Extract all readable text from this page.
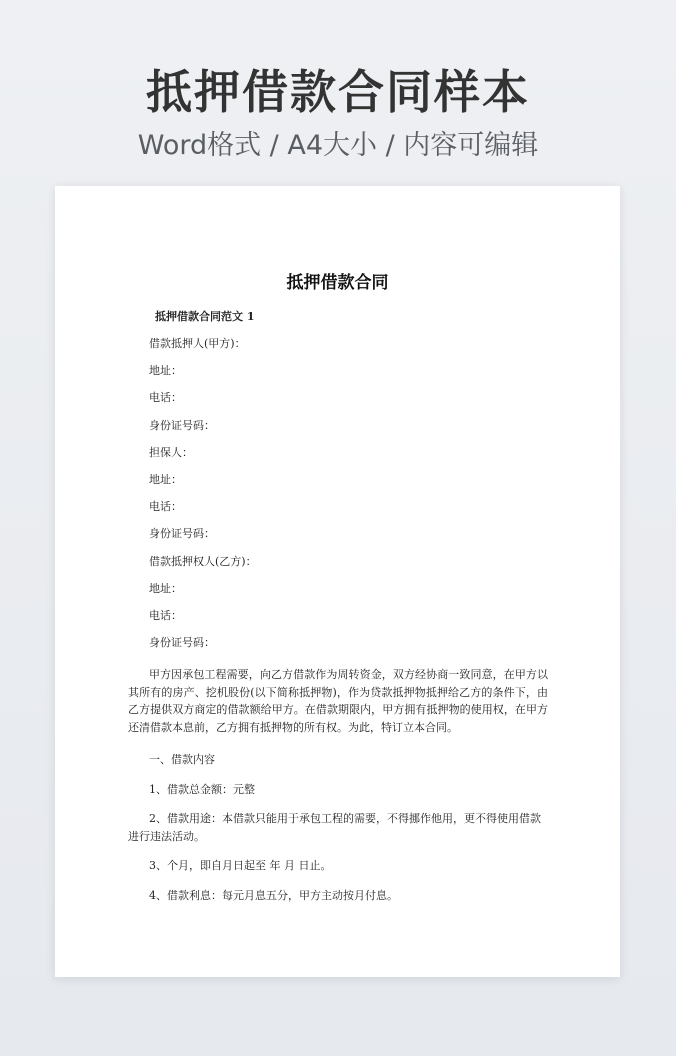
抵押借款合同样本
Word格式 / A4大小 / 内容可编辑
抵押借款合同
抵押借款合同范文 1
借款抵押人(甲方)：
地址：
电话：
身份证号码：
担保人：
地址：
电话：
身份证号码：
借款抵押权人(乙方)：
地址：
电话：
身份证号码：

甲方因承包工程需要，向乙方借款作为周转资金，双方经协商一致同意，在甲方以其所有的房产、挖机股份(以下简称抵押物)，作为贷款抵押物抵押给乙方的条件下，由乙方提供双方商定的借款额给甲方。在借款期限内，甲方拥有抵押物的使用权，在甲方还清借款本息前，乙方拥有抵押物的所有权。为此，特订立本合同。

一、借款内容
1、借款总金额：元整

2、借款用途：本借款只能用于承包工程的需要，不得挪作他用，更不得使用借款进行违法活动。

3、个月，即自月日起至 年 月 日止。
4、借款利息：每元月息五分，甲方主动按月付息。
